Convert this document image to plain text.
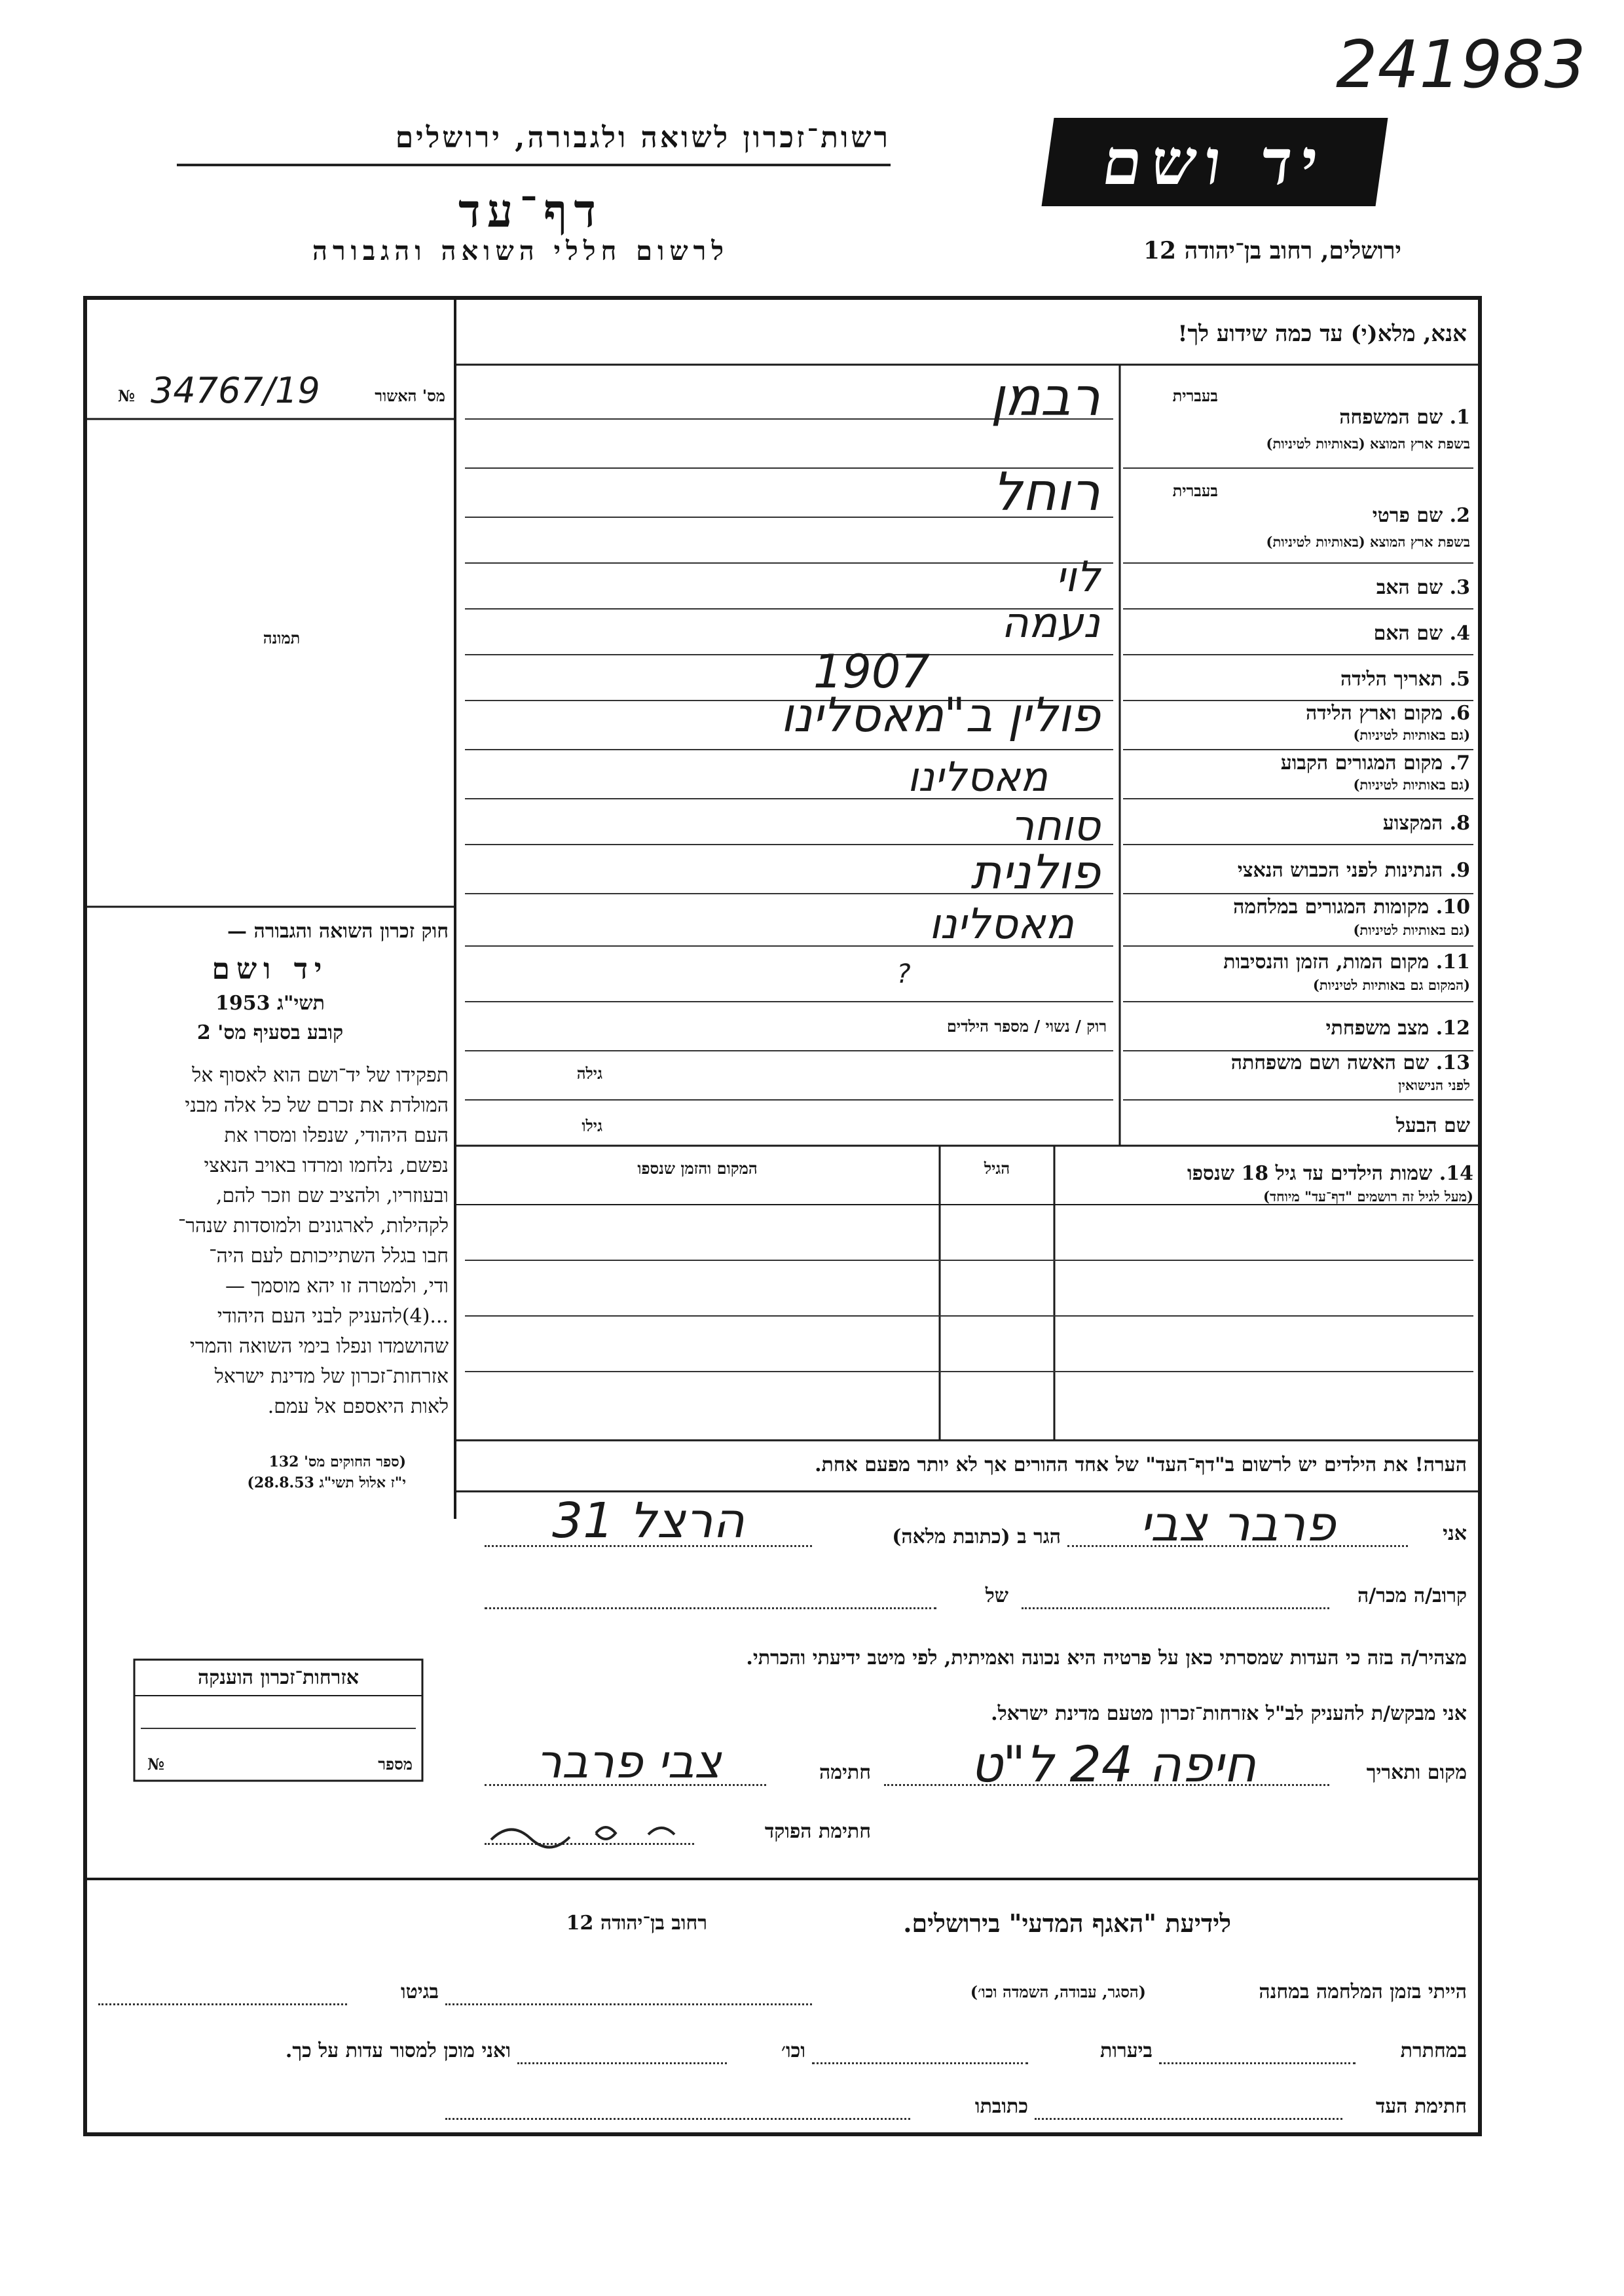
241983
רשות־זכרון לשואה ולגבורה, ירושלים
דף־עד
לרשום חללי השואה והגבורה
יד ושם
ירושלים, רחוב בן־יהודה 12
אנא, מלא(י) עד כמה שידוע לך!
מס' האשור
№ 34767/19
תמונה
חוק זכרון השואה והגבורה —
יד ושם
תשי"ג 1953
קובע בסעיף מס' 2
תפקידו של יד־ושם הוא לאסוף אל
המולדת את זכרם של כל אלה מבני
העם היהודי, שנפלו ומסרו את
נפשם, נלחמו ומרדו באויב הנאצי
ובעוזריו, ולהציב שם וזכר להם,
לקהילות, לארגונים ולמוסדות שנהר־
חבו בגלל השתייכותם לעם היה־
ודי, ולמטרה זו יהא מוסמך —
...(4)להעניק לבני העם היהודי
שהושמדו ונפלו בימי השואה והמרי
אזרחות־זכרון של מדינת ישראל
לאות היאספם אל עמם.
(ספר החוקים מס' 132
י"ז אלול תשי"ג 28.8.53)
אזרחות־זכרון הוענקה
מספר
№
בעברית
1. שם המשפחה
בשפת ארץ המוצא (באותיות לטיניות)
בעברית
2. שם פרטי
בשפת ארץ המוצא (באותיות לטיניות)
3. שם האב
4. שם האם
5. תאריך הלידה
6. מקום וארץ הלידה
(גם באותיות לטיניות)
7. מקום המגורים הקבוע
(גם באותיות לטיניות)
8. המקצוע
9. הנתינות לפני הכבוש הנאצי
10. מקומות המגורים במלחמה
(גם באותיות לטיניות)
11. מקום המות, הזמן והנסיבות
(המקום גם באותיות לטיניות)
12. מצב משפחתי
רוק / נשוי / מספר הילדים
13. שם האשה ושם משפחתה
לפני הנישואין
גילה
שם הבעל
גילו
רבמן
רוחל
לוי
נעמה
1907
פולין ב"מאסלינו
מאסלינו
סוחר
פולנית
מאסלינו
?
14. שמות הילדים עד גיל 18 שנספו
(מעל לגיל זה רושמים "דף־עד" מיוחד)
הגיל
המקום והזמן שנספו
הערה! את הילדים יש לרשום ב"דף־העד" של אחד ההורים אך לא יותר מפעם אחת.
אני
פרבר צבי
הגר ב (כתובת מלאה)
הרצל 31
קרוב/ה מכר/ה
של
מצהיר/ה בזה כי העדות שמסרתי כאן על פרטיה היא נכונה ואמיתית, לפי מיטב ידיעתי והכרתי.
אני מבקש/ת להעניק לב"ל אזרחות־זכרון מטעם מדינת ישראל.
מקום ותאריך
חיפה 24 ל"ט
חתימה
צבי פרבר
חתימת הפוקד
לידיעת "האגף המדעי" בירושלים.
רחוב בן־יהודה 12
הייתי בזמן המלחמה במחנה
(הסגר, עבודה, השמדה וכו׳)
בגיטו
במחתרת
ביערות
וכו׳
ואני מוכן למסור עדות על כך.
חתימת העד
כתובתו
